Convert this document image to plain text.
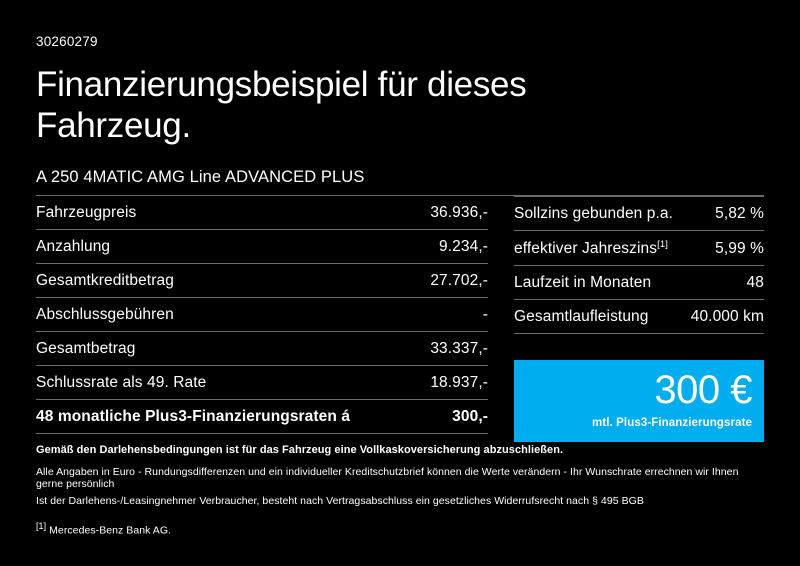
30260279
Finanzierungsbeispiel für dieses Fahrzeug.
A 250 4MATIC AMG Line ADVANCED PLUS
Fahrzeugpreis	36.936,-
Anzahlung	9.234,-
Gesamtkreditbetrag	27.702,-
Abschlussgebühren	-
Gesamtbetrag	33.337,-
Schlussrate als 49. Rate	18.937,-
48 monatliche Plus3-Finanzierungsraten á	300,-
Sollzins gebunden p.a.	5,82 %
effektiver Jahreszins[1]	5,99 %
Laufzeit in Monaten	48
Gesamtlaufleistung	40.000 km
300 €
mtl. Plus3-Finanzierungsrate

Gemäß den Darlehensbedingungen ist für das Fahrzeug eine Vollkaskoversicherung abzuschließen.

Alle Angaben in Euro - Rundungsdifferenzen und ein individueller Kreditschutzbrief können die Werte verändern - Ihr Wunschrate errechnen wir Ihnen gerne persönlich

Ist der Darlehens-/Leasingnehmer Verbraucher, besteht nach Vertragsabschluss ein gesetzliches Widerrufsrecht nach § 495 BGB

[1] Mercedes-Benz Bank AG.
